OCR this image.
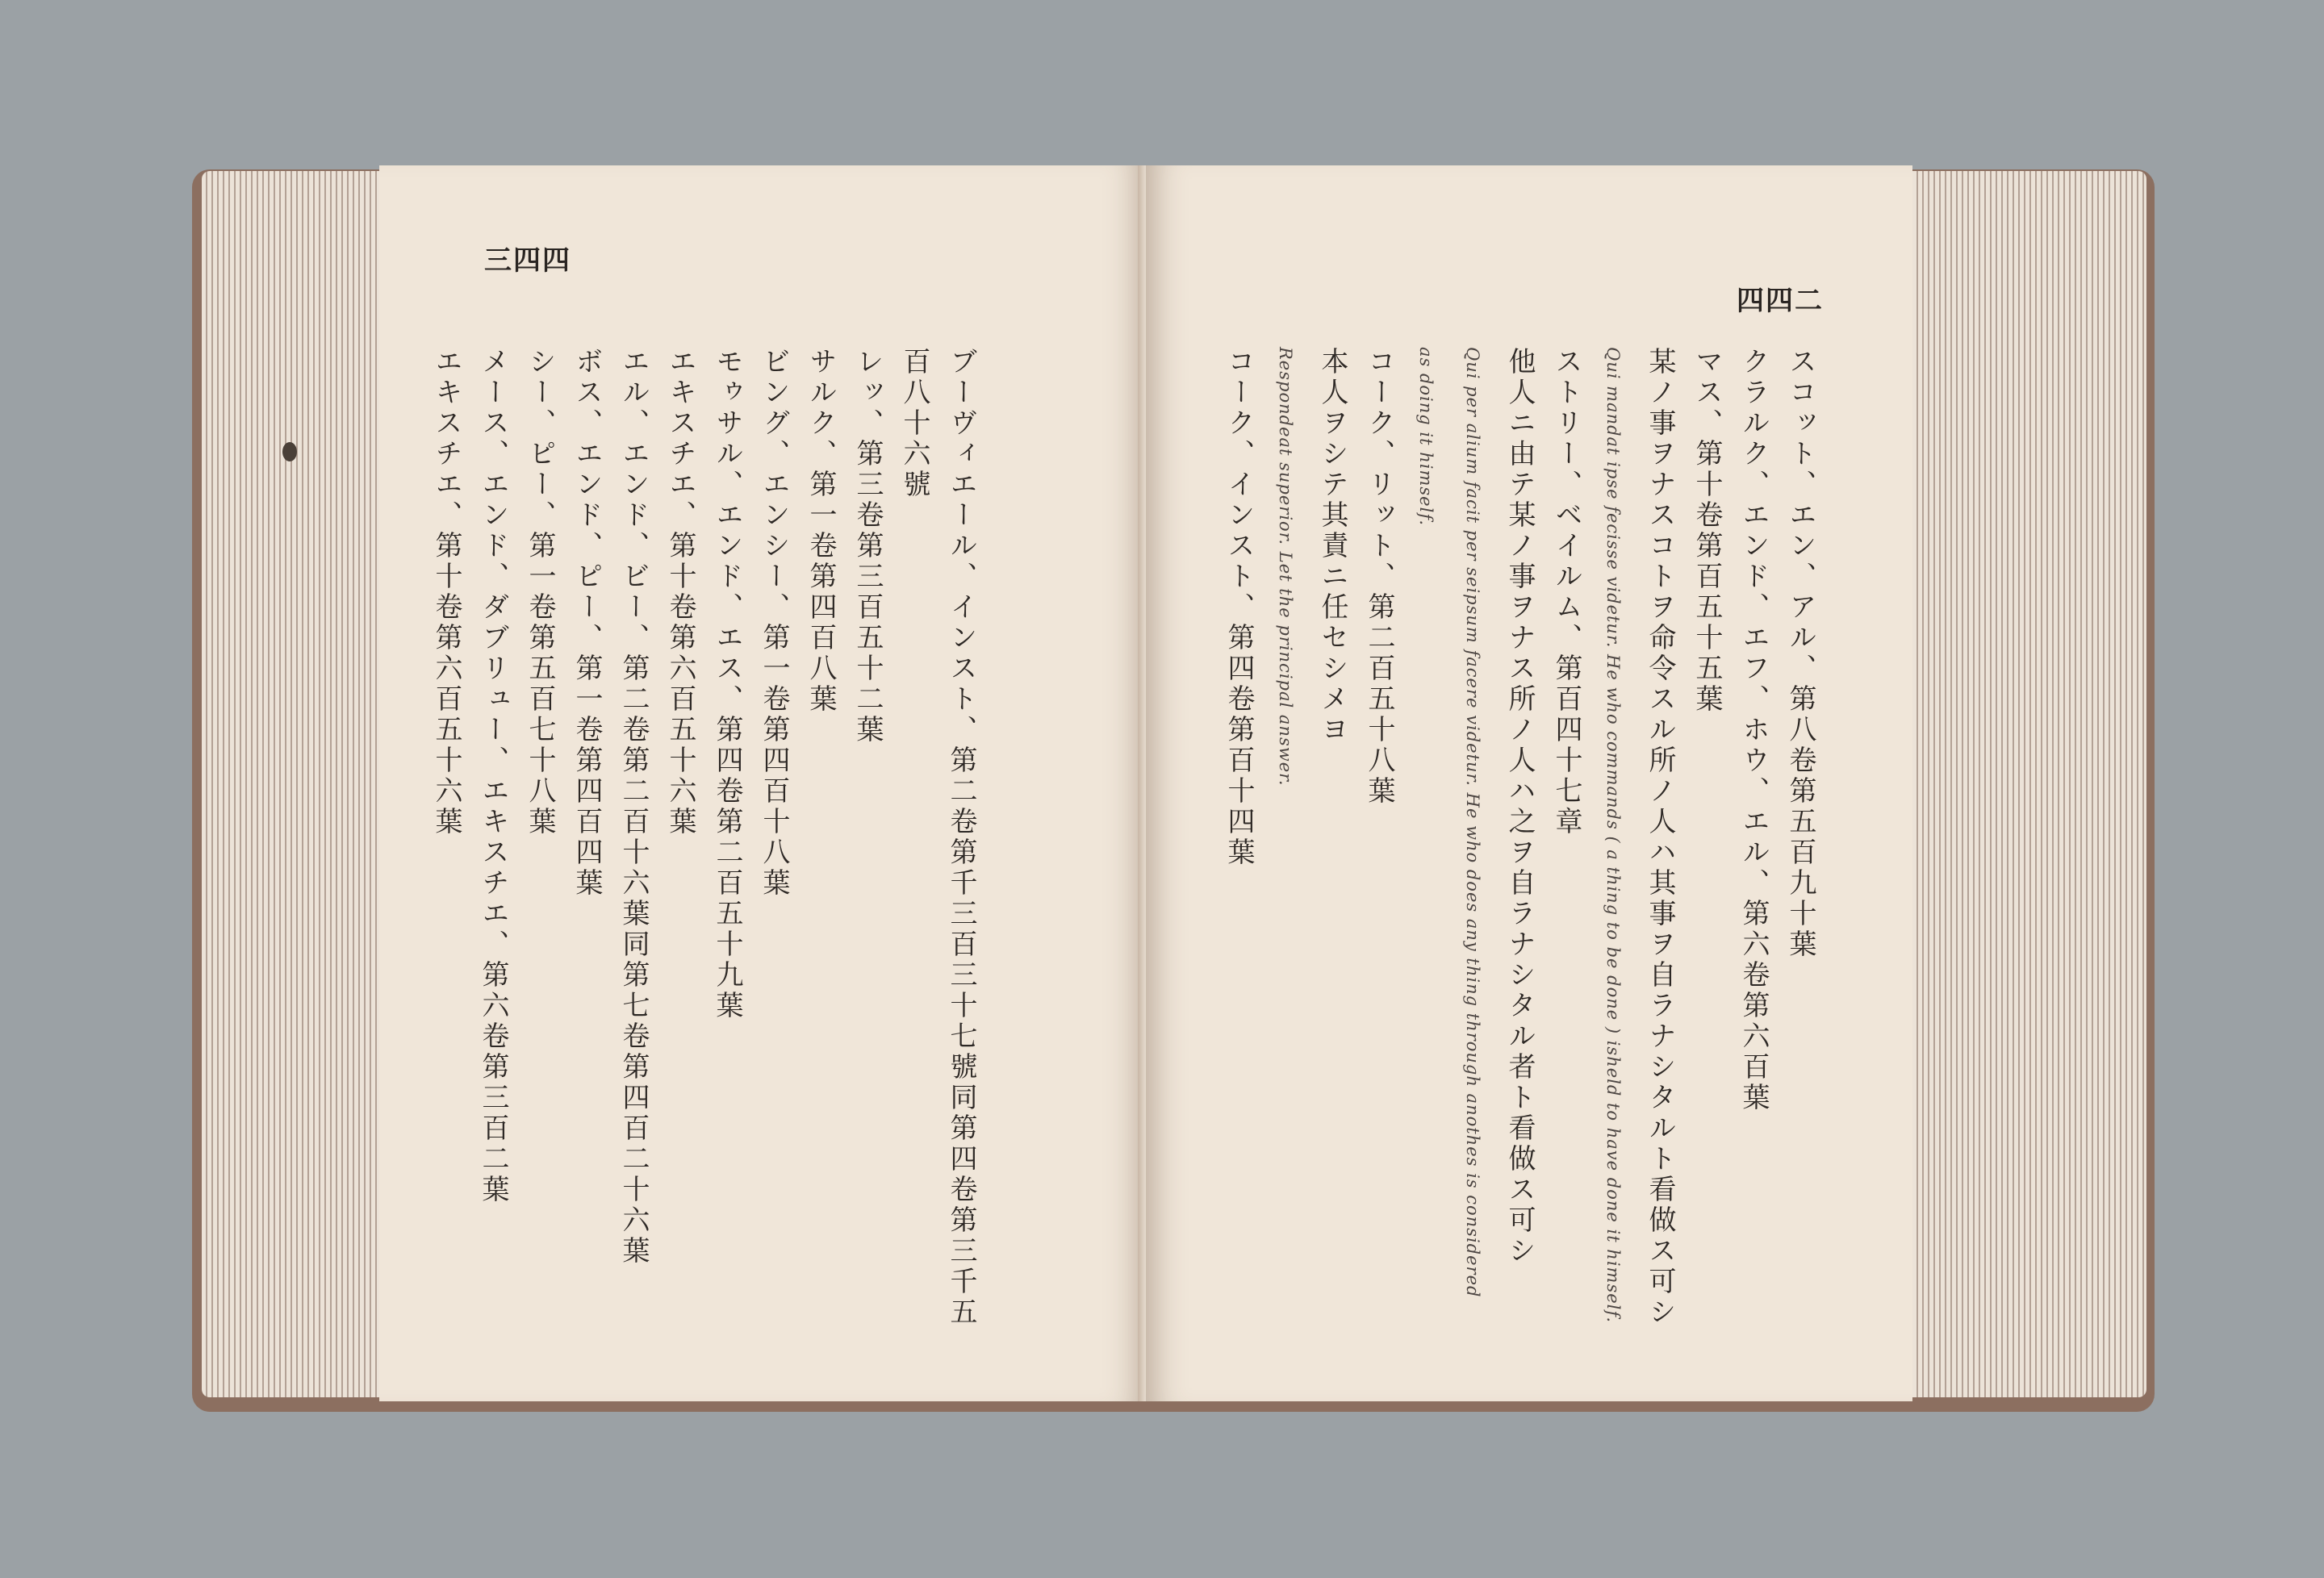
三四四
ブーヴィエール、インスト、第二卷第千三百三十七號同第四卷第三千五
百八十六號
レッ、第三卷第三百五十二葉
サルク、第一卷第四百八葉
ビング、エンシー、第一卷第四百十八葉
モゥサル、エンド、エス、第四卷第二百五十九葉
エキスチエ、第十卷第六百五十六葉
エル、エンド、ビー、第二卷第二百十六葉同第七卷第四百二十六葉
ボス、エンド、ピー、第一卷第四百四葉
シー、ピー、第一卷第五百七十八葉
メース、エンド、ダブリュー、エキスチエ、第六卷第三百二葉
エキスチエ、第十卷第六百五十六葉
四四二
スコット、エン、アル、第八卷第五百九十葉
クラルク、エンド、エフ、ホウ、エル、第六卷第六百葉
マス、第十卷第百五十五葉
某ノ事ヲナスコトヲ命令スル所ノ人ハ其事ヲ自ラナシタルト看做ス可シ
Qui mandat ipse fecisse videtur. He who commands ( a thing to be done ) isheld to have done it himself.
ストリー、ベイルム、第百四十七章
他人ニ由テ某ノ事ヲナス所ノ人ハ之ヲ自ラナシタル者ト看做ス可シ
Qui per alium facit per seipsum facere videtur. He who does any thing through anothes is considered
as doing it himself.
コーク、リット、第二百五十八葉
本人ヲシテ其責ニ任セシメヨ
Respondeat superior. Let the principal answer.
コーク、インスト、第四卷第百十四葉
